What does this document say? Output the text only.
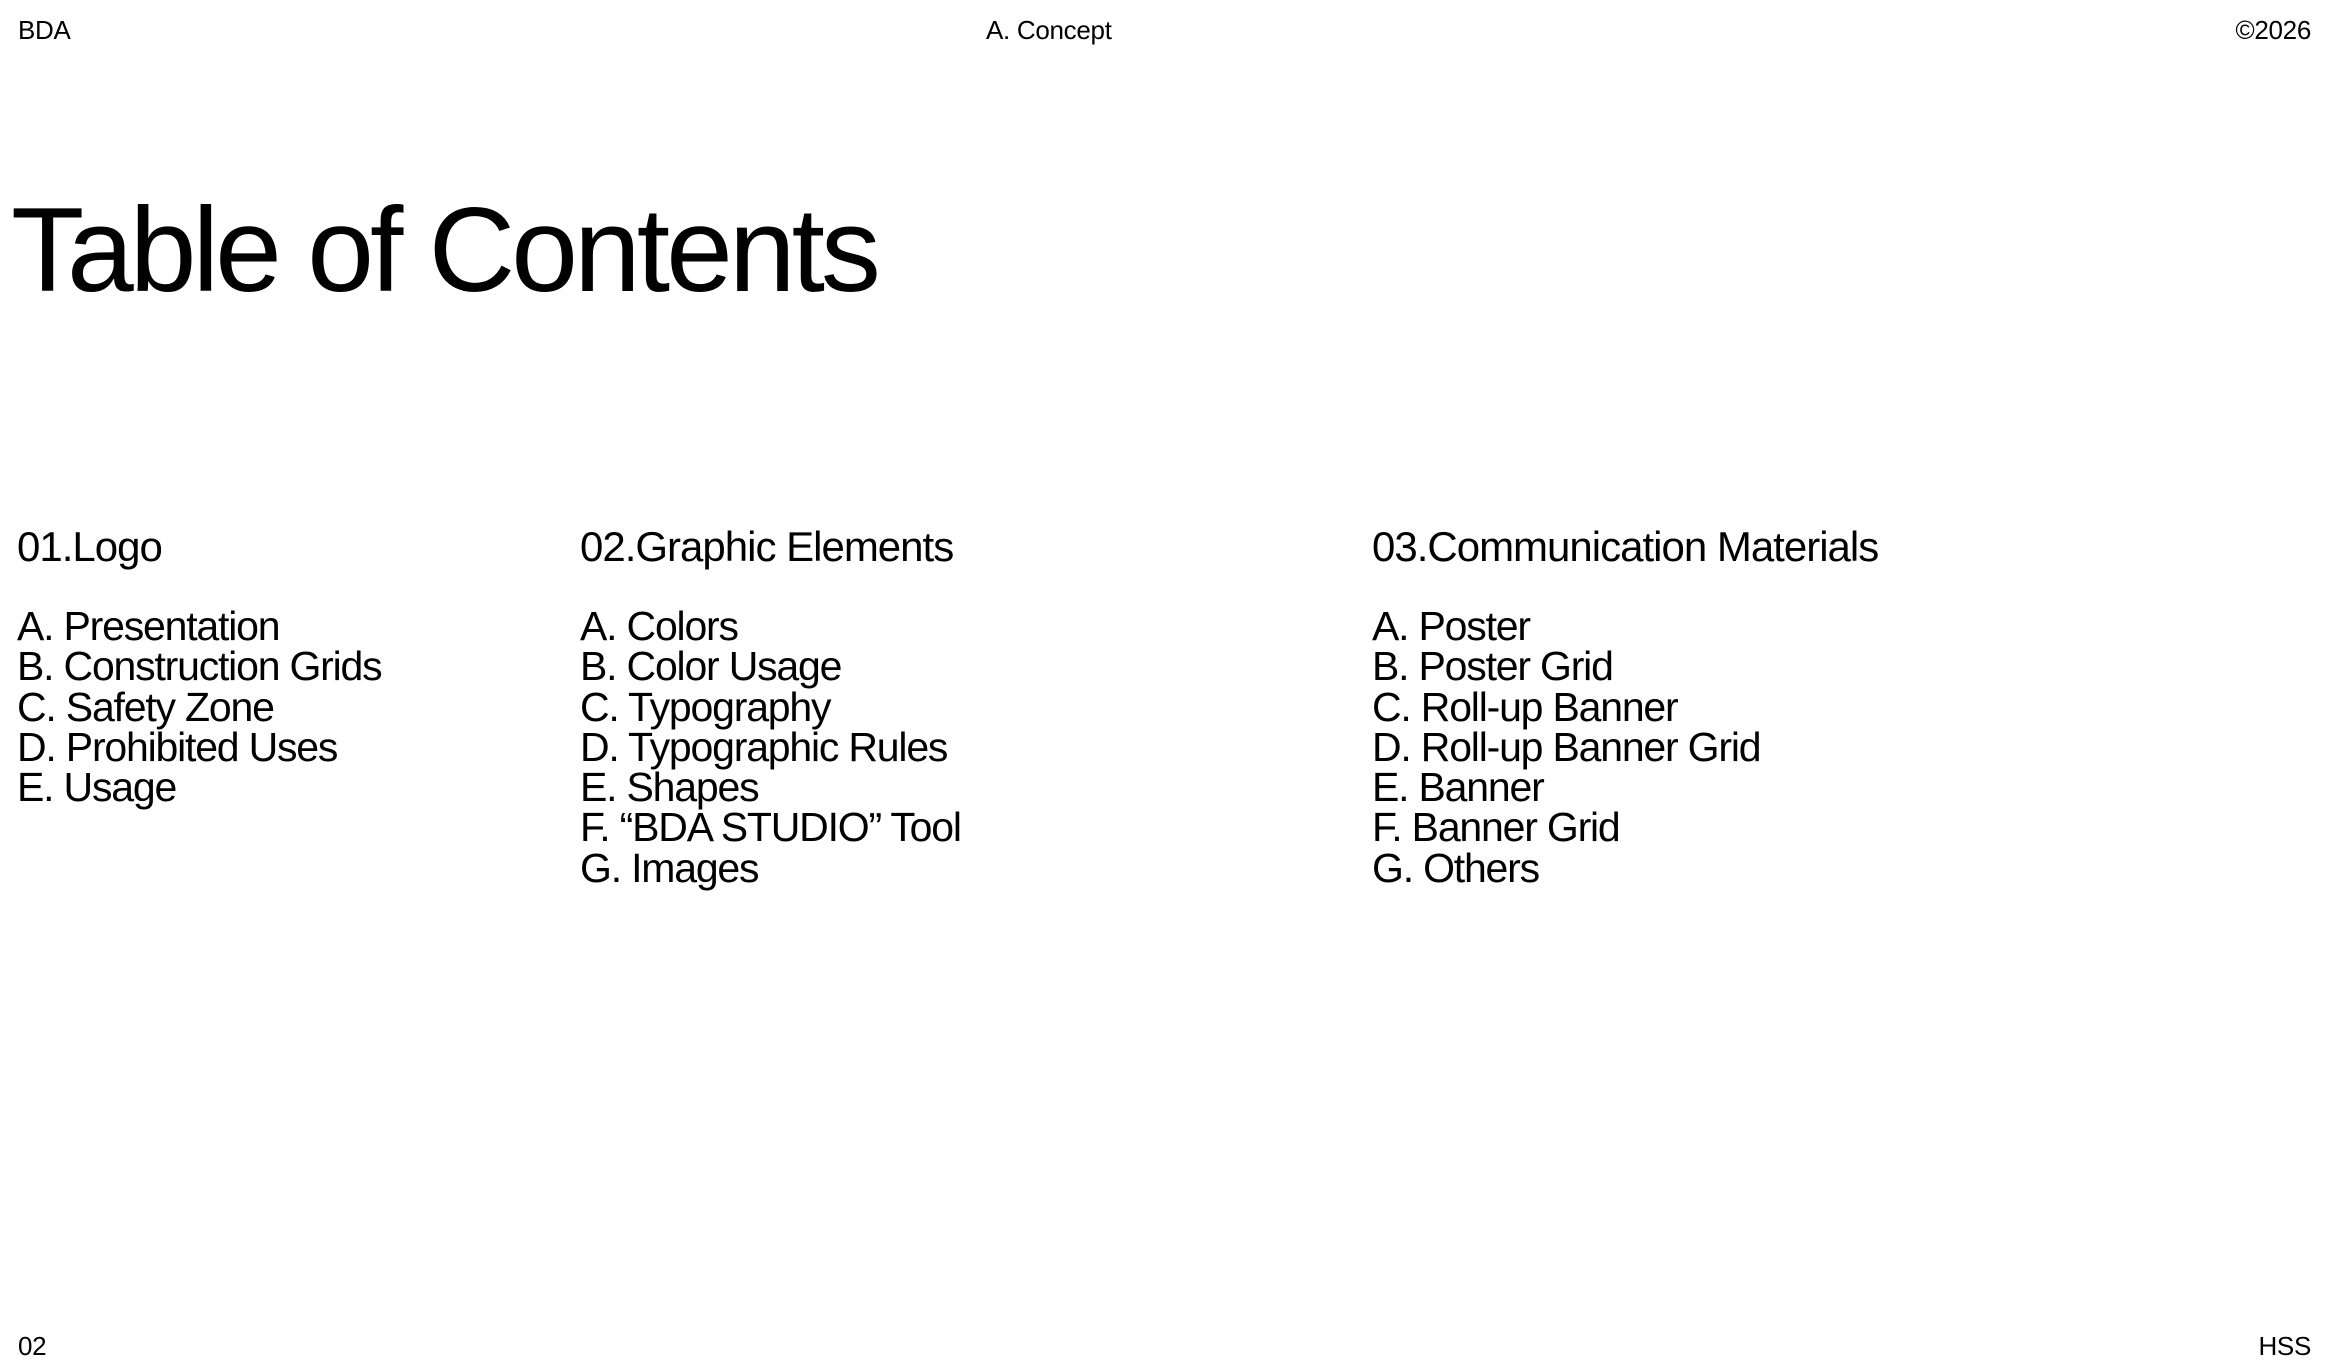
BDA	A. Concept	©2026
Table of Contents
01.Logo
A. Presentation
B. Construction Grids
C. Safety Zone
D. Prohibited Uses
E. Usage
02.Graphic Elements
A. Colors
B. Color Usage
C. Typography
D. Typographic Rules
E. Shapes
F. “BDA STUDIO” Tool
G. Images
03.Communication Materials
A. Poster
B. Poster Grid
C. Roll-up Banner
D. Roll-up Banner Grid
E. Banner
F. Banner Grid
G. Others
02	HSS
